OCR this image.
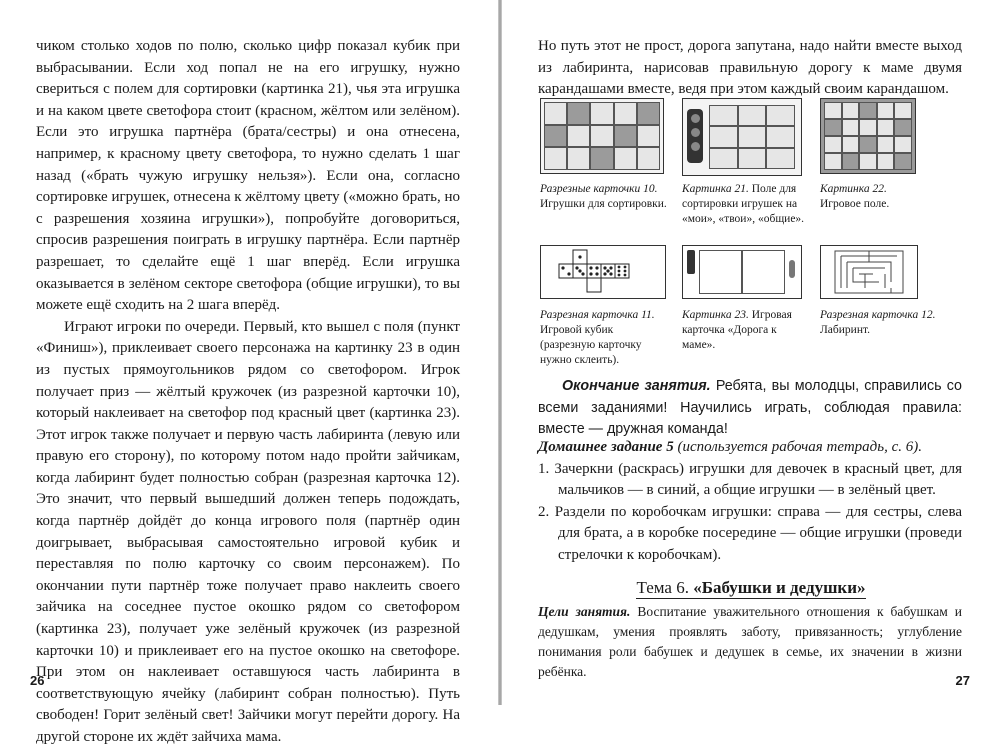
чиком столько ходов по полю, сколько цифр показал кубик при выбрасывании. Если ход попал не на его игрушку, нужно свериться с полем для сортировки (картинка 21), чья эта игрушка и на каком цвете светофора стоит (красном, жёлтом или зелёном). Если это игрушка партнёра (брата/сестры) и она отнесена, например, к красному цвету светофора, то нужно сделать 1 шаг назад («брать чужую игрушку нельзя»). Если она, согласно сортировке игрушек, отнесена к жёлтому цвету («можно брать, но с разрешения хозяина игрушки»), попробуйте договориться, спросив разрешения поиграть в игрушку партнёра. Если партнёр разрешает, то сделайте ещё 1 шаг вперёд. Если игрушка оказывается в зелёном секторе светофора (общие игрушки), то вы можете ещё сходить на 2 шага вперёд.

Играют игроки по очереди. Первый, кто вышел с поля (пункт «Финиш»), приклеивает своего персонажа на картинку 23 в один из пустых прямоугольников рядом со светофором. Игрок получает приз — жёлтый кружочек (из разрезной карточки 10), который наклеивает на светофор под красный цвет (картинка 23). Этот игрок также получает и первую часть лабиринта (левую или правую его сторону), по которому потом надо пройти зайчикам, когда лабиринт будет полностью собран (разрезная карточка 12). Это значит, что первый вышедший должен теперь подождать, когда партнёр дойдёт до конца игрового поля (партнёр один доигрывает, выбрасывая самостоятельно игровой кубик и переставляя по полю карточку со своим персонажем). По окончании пути партнёр тоже получает право наклеить своего зайчика на соседнее пустое окошко рядом со светофором (картинка 23), получает уже зелёный кружочек (из разрезной карточки 10) и приклеивает его на пустое окошко на светофоре. При этом он наклеивает оставшуюся часть лабиринта в соответствующую ячейку (лабиринт собран полностью). Путь свободен! Горит зелёный свет! Зайчики могут перейти дорогу. На другой стороне их ждёт зайчиха мама.

26

Но путь этот не прост, дорога запутана, надо найти вместе выход из лабиринта, нарисовав правильную дорогу к маме двумя карандашами вместе, ведя при этом каждый своим карандашом.

Разрезные карточки 10.
Игрушки для сортировки.
Картинка 21. Поле для сортировки игрушек на «мои», «твои», «общие».
Картинка 22.
Игровое поле.
Разрезная карточка 11.
Игровой кубик (разрезную карточку нужно склеить).
Картинка 23. Игровая карточка «Дорога к маме».
Разрезная карточка 12.
Лабиринт.
Окончание занятия. Ребята, вы молодцы, справились со всеми заданиями! Научились играть, соблюдая правила: вместе — дружная команда!
Домашнее задание 5 (используется рабочая тетрадь, с. 6).
1. Зачеркни (раскрась) игрушки для девочек в красный цвет, для мальчиков — в синий, а общие игрушки — в зелёный цвет.
2. Раздели по коробочкам игрушки: справа — для сестры, слева для брата, а в коробке посередине — общие игрушки (проведи стрелочки к коробочкам).
Тема 6. «Бабушки и дедушки»
Цели занятия. Воспитание уважительного отношения к бабушкам и дедушкам, умения проявлять заботу, привязанность; углубление понимания роли бабушек и дедушек в семье, их значении в жизни ребёнка.
27
